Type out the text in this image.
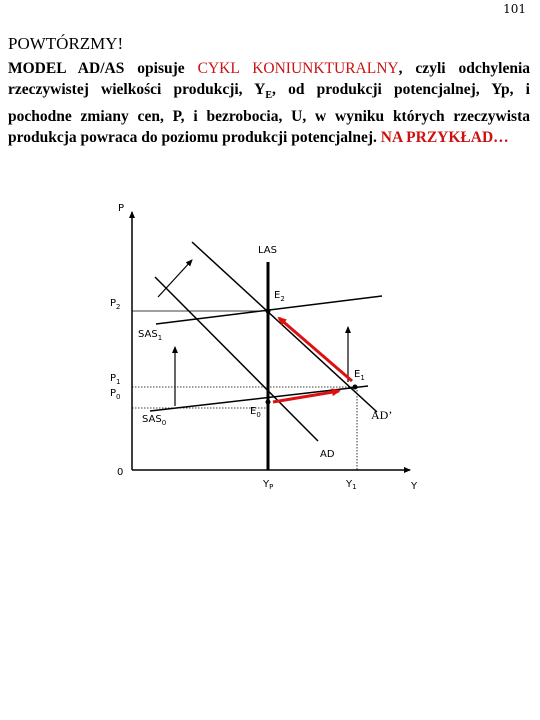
101
POWTÓRZMY!
MODEL AD/AS opisuje CYKL KONIUNKTURALNY, czyli odchylenia rzeczywistej wielkości produkcji, $Y_E$, od produkcji potencjalnej, Yp, i pochodne zmiany cen, P, i bezrobocia, U, w wyniku których rzeczywista produkcja powraca do poziomu produkcji potencjalnej. NA PRZYKŁAD…
P
Y
0
LAS
$P_2$
$P_1$
$P_0$
$SAS_1$
$SAS_0$
$E_2$
$E_1$
$E_0$
AD
AD’
$Y_P$	$Y_1$
